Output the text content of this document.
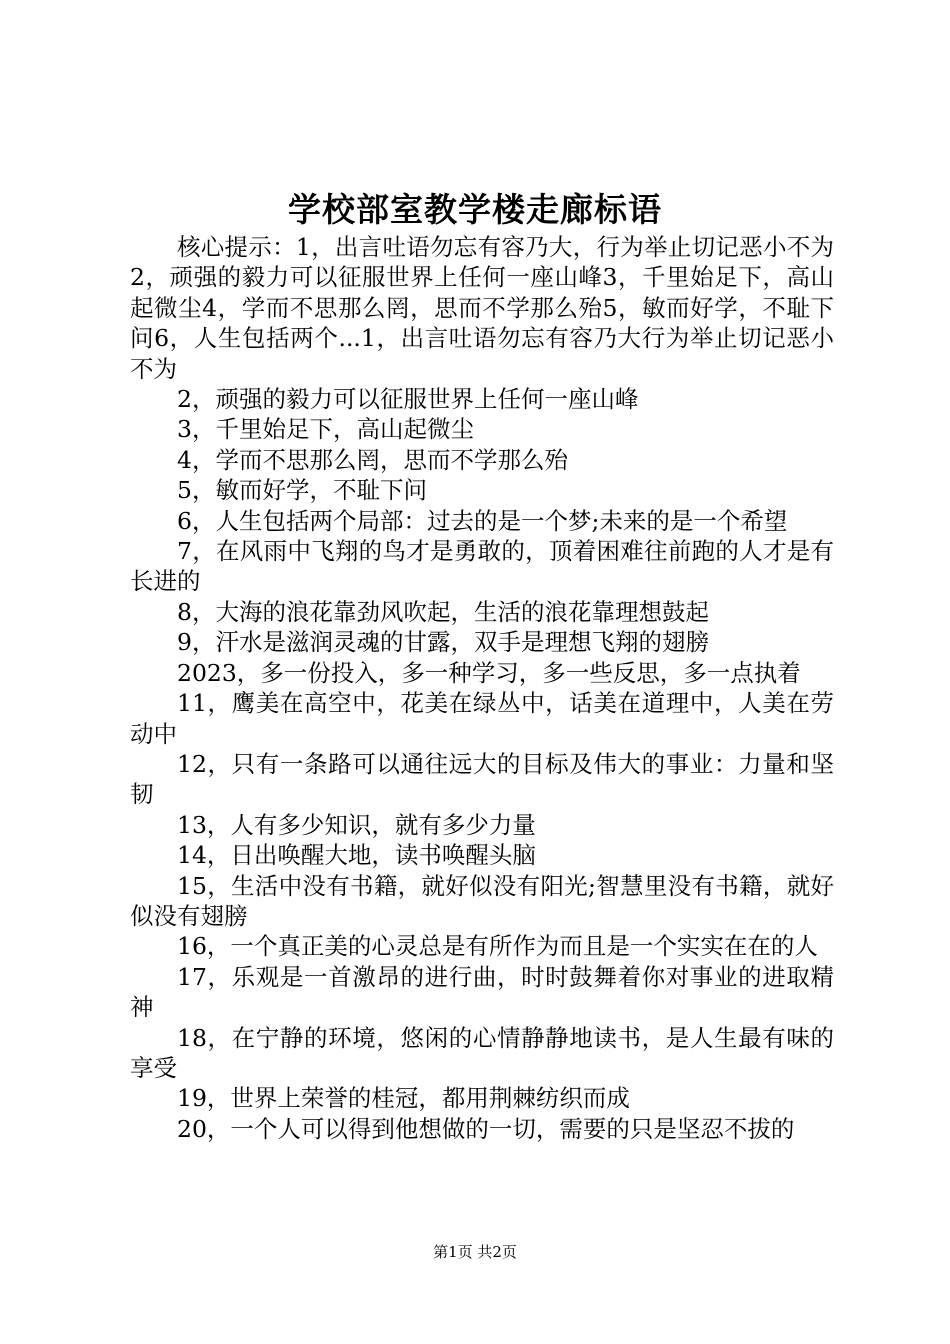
学校部室教学楼走廊标语

核心提示：1，出言吐语勿忘有容乃大，行为举止切记恶小不为2，顽强的毅力可以征服世界上任何一座山峰3，千里始足下，高山起微尘4，学而不思那么罔，思而不学那么殆5，敏而好学，不耻下问6，人生包括两个...1，出言吐语勿忘有容乃大行为举止切记恶小不为

2，顽强的毅力可以征服世界上任何一座山峰

3，千里始足下，高山起微尘

4，学而不思那么罔，思而不学那么殆

5，敏而好学，不耻下问

6，人生包括两个局部：过去的是一个梦;未来的是一个希望

7，在风雨中飞翔的鸟才是勇敢的，顶着困难往前跑的人才是有长进的

8，大海的浪花靠劲风吹起，生活的浪花靠理想鼓起

9，汗水是滋润灵魂的甘露，双手是理想飞翔的翅膀

2023，多一份投入，多一种学习，多一些反思，多一点执着

11，鹰美在高空中，花美在绿丛中，话美在道理中，人美在劳动中

12，只有一条路可以通往远大的目标及伟大的事业：力量和坚韧

13，人有多少知识，就有多少力量

14，日出唤醒大地，读书唤醒头脑

15，生活中没有书籍，就好似没有阳光;智慧里没有书籍，就好似没有翅膀

16，一个真正美的心灵总是有所作为而且是一个实实在在的人

17，乐观是一首激昂的进行曲，时时鼓舞着你对事业的进取精神

18，在宁静的环境，悠闲的心情静静地读书，是人生最有味的享受

19，世界上荣誉的桂冠，都用荆棘纺织而成

20，一个人可以得到他想做的一切，需要的只是坚忍不拔的

第1页 共2页
